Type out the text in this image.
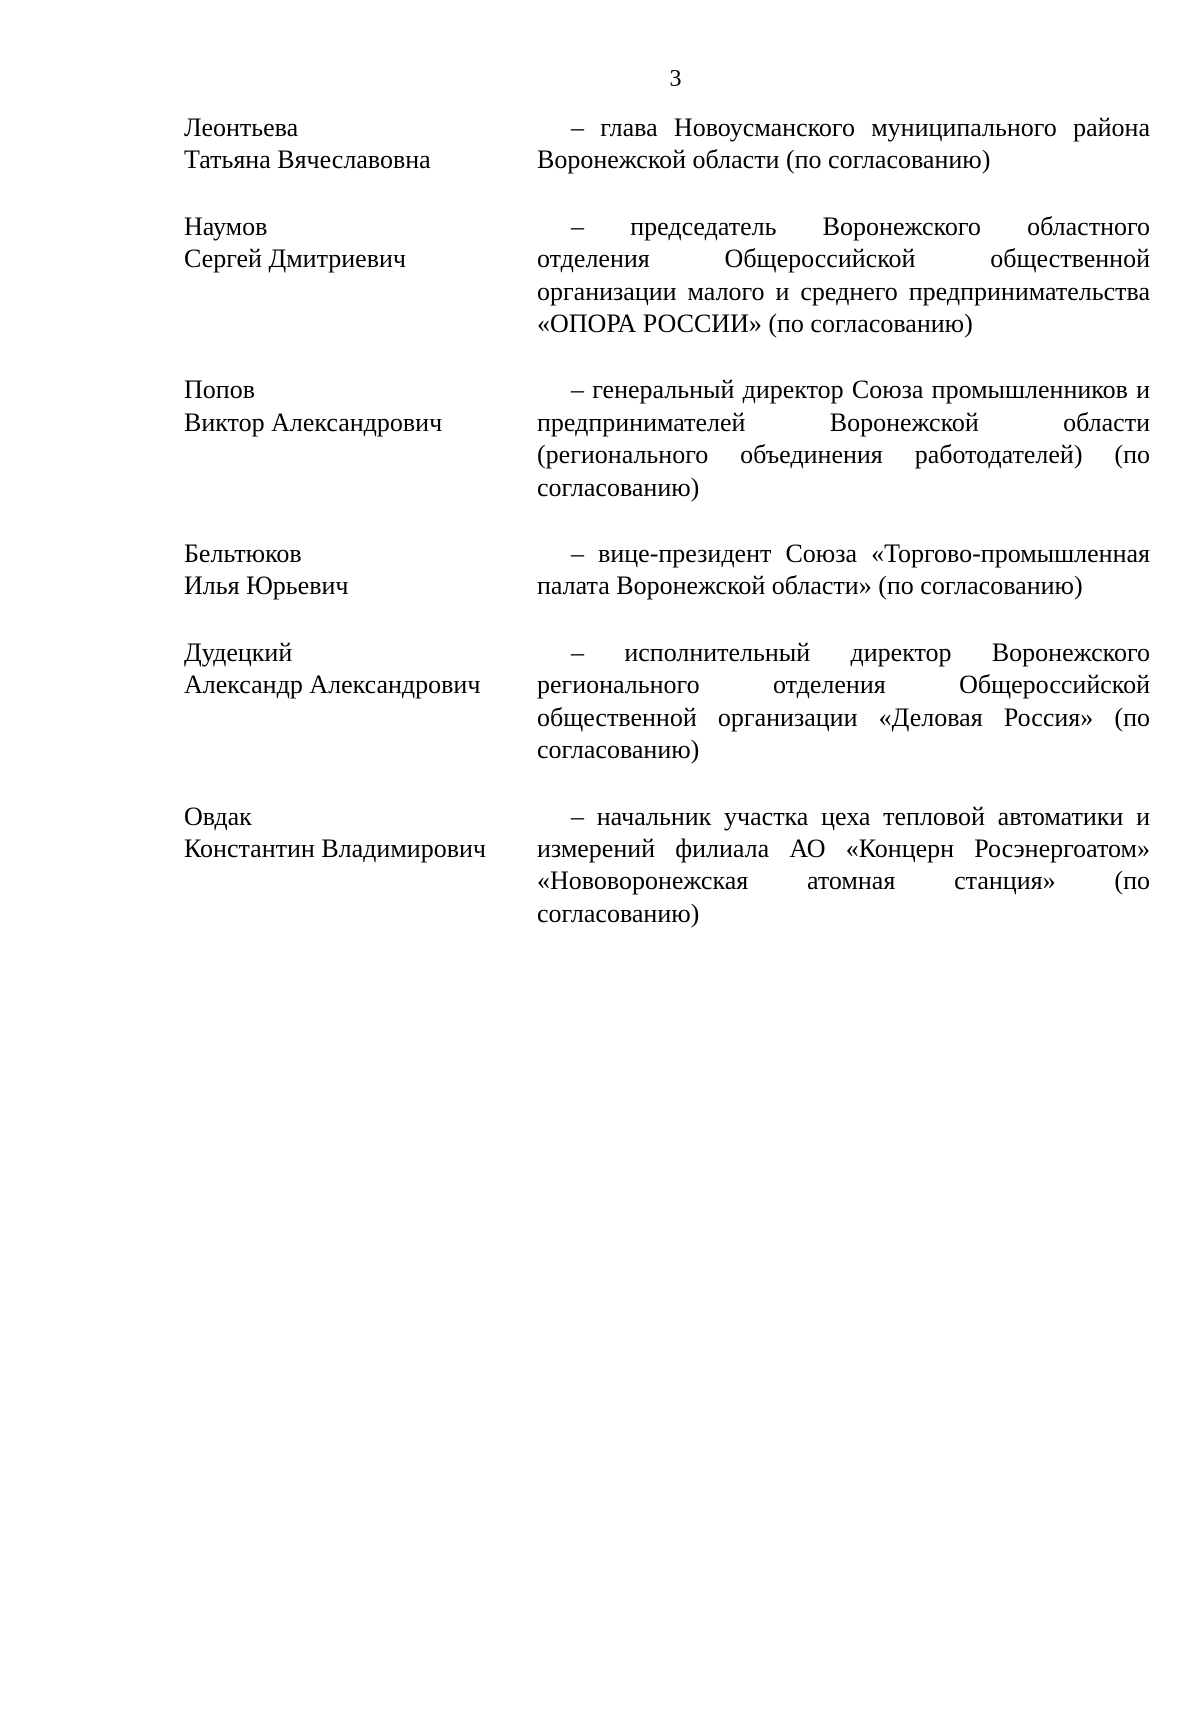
3
Леонтьева
Татьяна Вячеславовна
– глава Новоусманского муниципального района Воронежской области (по согласованию)
Наумов
Сергей Дмитриевич
– председатель Воронежского областного отделения Общероссийской общественной организации малого и среднего предпринимательства «ОПОРА РОССИИ» (по согласованию)
Попов
Виктор Александрович
– генеральный директор Союза промышленников и предпринимателей Воронежской области (регионального объединения работодателей) (по согласованию)
Бельтюков
Илья Юрьевич
– вице-президент Союза «Торгово-промышленная палата Воронежской области» (по согласованию)
Дудецкий
Александр Александрович
– исполнительный директор Воронежского регионального отделения Общероссийской общественной организации «Деловая Россия» (по согласованию)
Овдак
Константин Владимирович
– начальник участка цеха тепловой автоматики и измерений филиала АО «Концерн Росэнергоатом» «Нововоронежская атомная станция» (по согласованию)
